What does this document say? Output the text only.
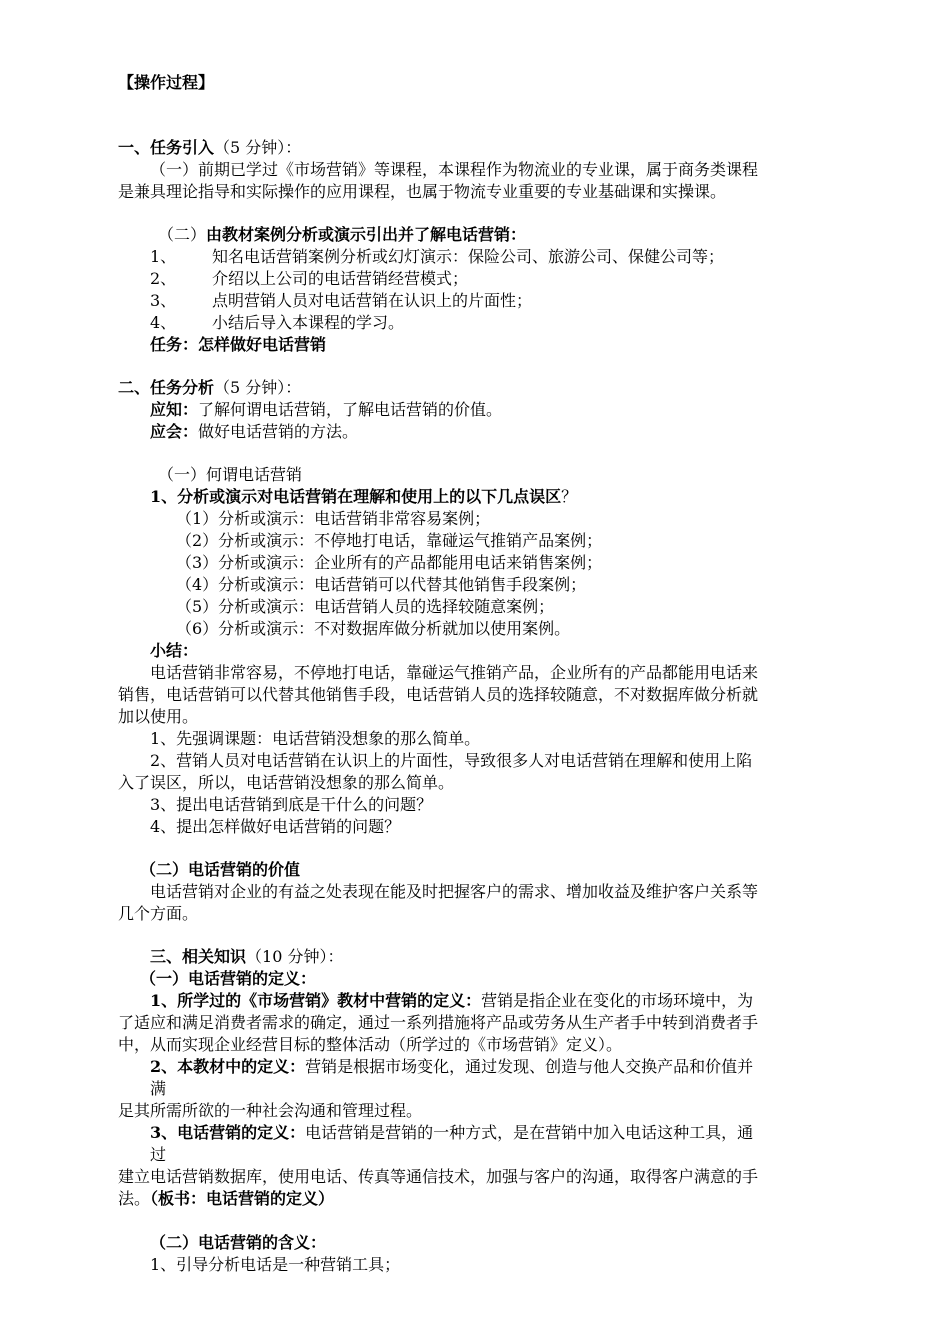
【操作过程】
一、任务引入（5 分钟）：
（一）前期已学过《市场营销》等课程，本课程作为物流业的专业课，属于商务类课程
是兼具理论指导和实际操作的应用课程，也属于物流专业重要的专业基础课和实操课。
（二）由教材案例分析或演示引出并了解电话营销：
1、 知名电话营销案例分析或幻灯演示：保险公司、旅游公司、保健公司等；
2、 介绍以上公司的电话营销经营模式；
3、 点明营销人员对电话营销在认识上的片面性；
4、 小结后导入本课程的学习。
任务：怎样做好电话营销
二、任务分析（5 分钟）：
应知：了解何谓电话营销，了解电话营销的价值。
应会：做好电话营销的方法。
（一）何谓电话营销
1、分析或演示对电话营销在理解和使用上的以下几点误区？
（1）分析或演示：电话营销非常容易案例；
（2）分析或演示：不停地打电话，靠碰运气推销产品案例；
（3）分析或演示：企业所有的产品都能用电话来销售案例；
（4）分析或演示：电话营销可以代替其他销售手段案例；
（5）分析或演示：电话营销人员的选择较随意案例；
（6）分析或演示：不对数据库做分析就加以使用案例。
小结：
电话营销非常容易，不停地打电话，靠碰运气推销产品，企业所有的产品都能用电话来
销售，电话营销可以代替其他销售手段，电话营销人员的选择较随意，不对数据库做分析就
加以使用。
1、先强调课题：电话营销没想象的那么简单。
2、营销人员对电话营销在认识上的片面性，导致很多人对电话营销在理解和使用上陷
入了误区，所以，电话营销没想象的那么简单。
3、提出电话营销到底是干什么的问题？
4、提出怎样做好电话营销的问题？
（二）电话营销的价值
电话营销对企业的有益之处表现在能及时把握客户的需求、增加收益及维护客户关系等
几个方面。
三、相关知识（10 分钟）：
（一）电话营销的定义：
1、所学过的《市场营销》教材中营销的定义：营销是指企业在变化的市场环境中，为
了适应和满足消费者需求的确定，通过一系列措施将产品或劳务从生产者手中转到消费者手
中，从而实现企业经营目标的整体活动（所学过的《市场营销》定义）。
2、本教材中的定义：营销是根据市场变化，通过发现、创造与他人交换产品和价值并
满
足其所需所欲的一种社会沟通和管理过程。
3、电话营销的定义：电话营销是营销的一种方式，是在营销中加入电话这种工具，通
过
建立电话营销数据库，使用电话、传真等通信技术，加强与客户的沟通，取得客户满意的手
法。（板书：电话营销的定义）
（二）电话营销的含义：
1、引导分析电话是一种营销工具；
